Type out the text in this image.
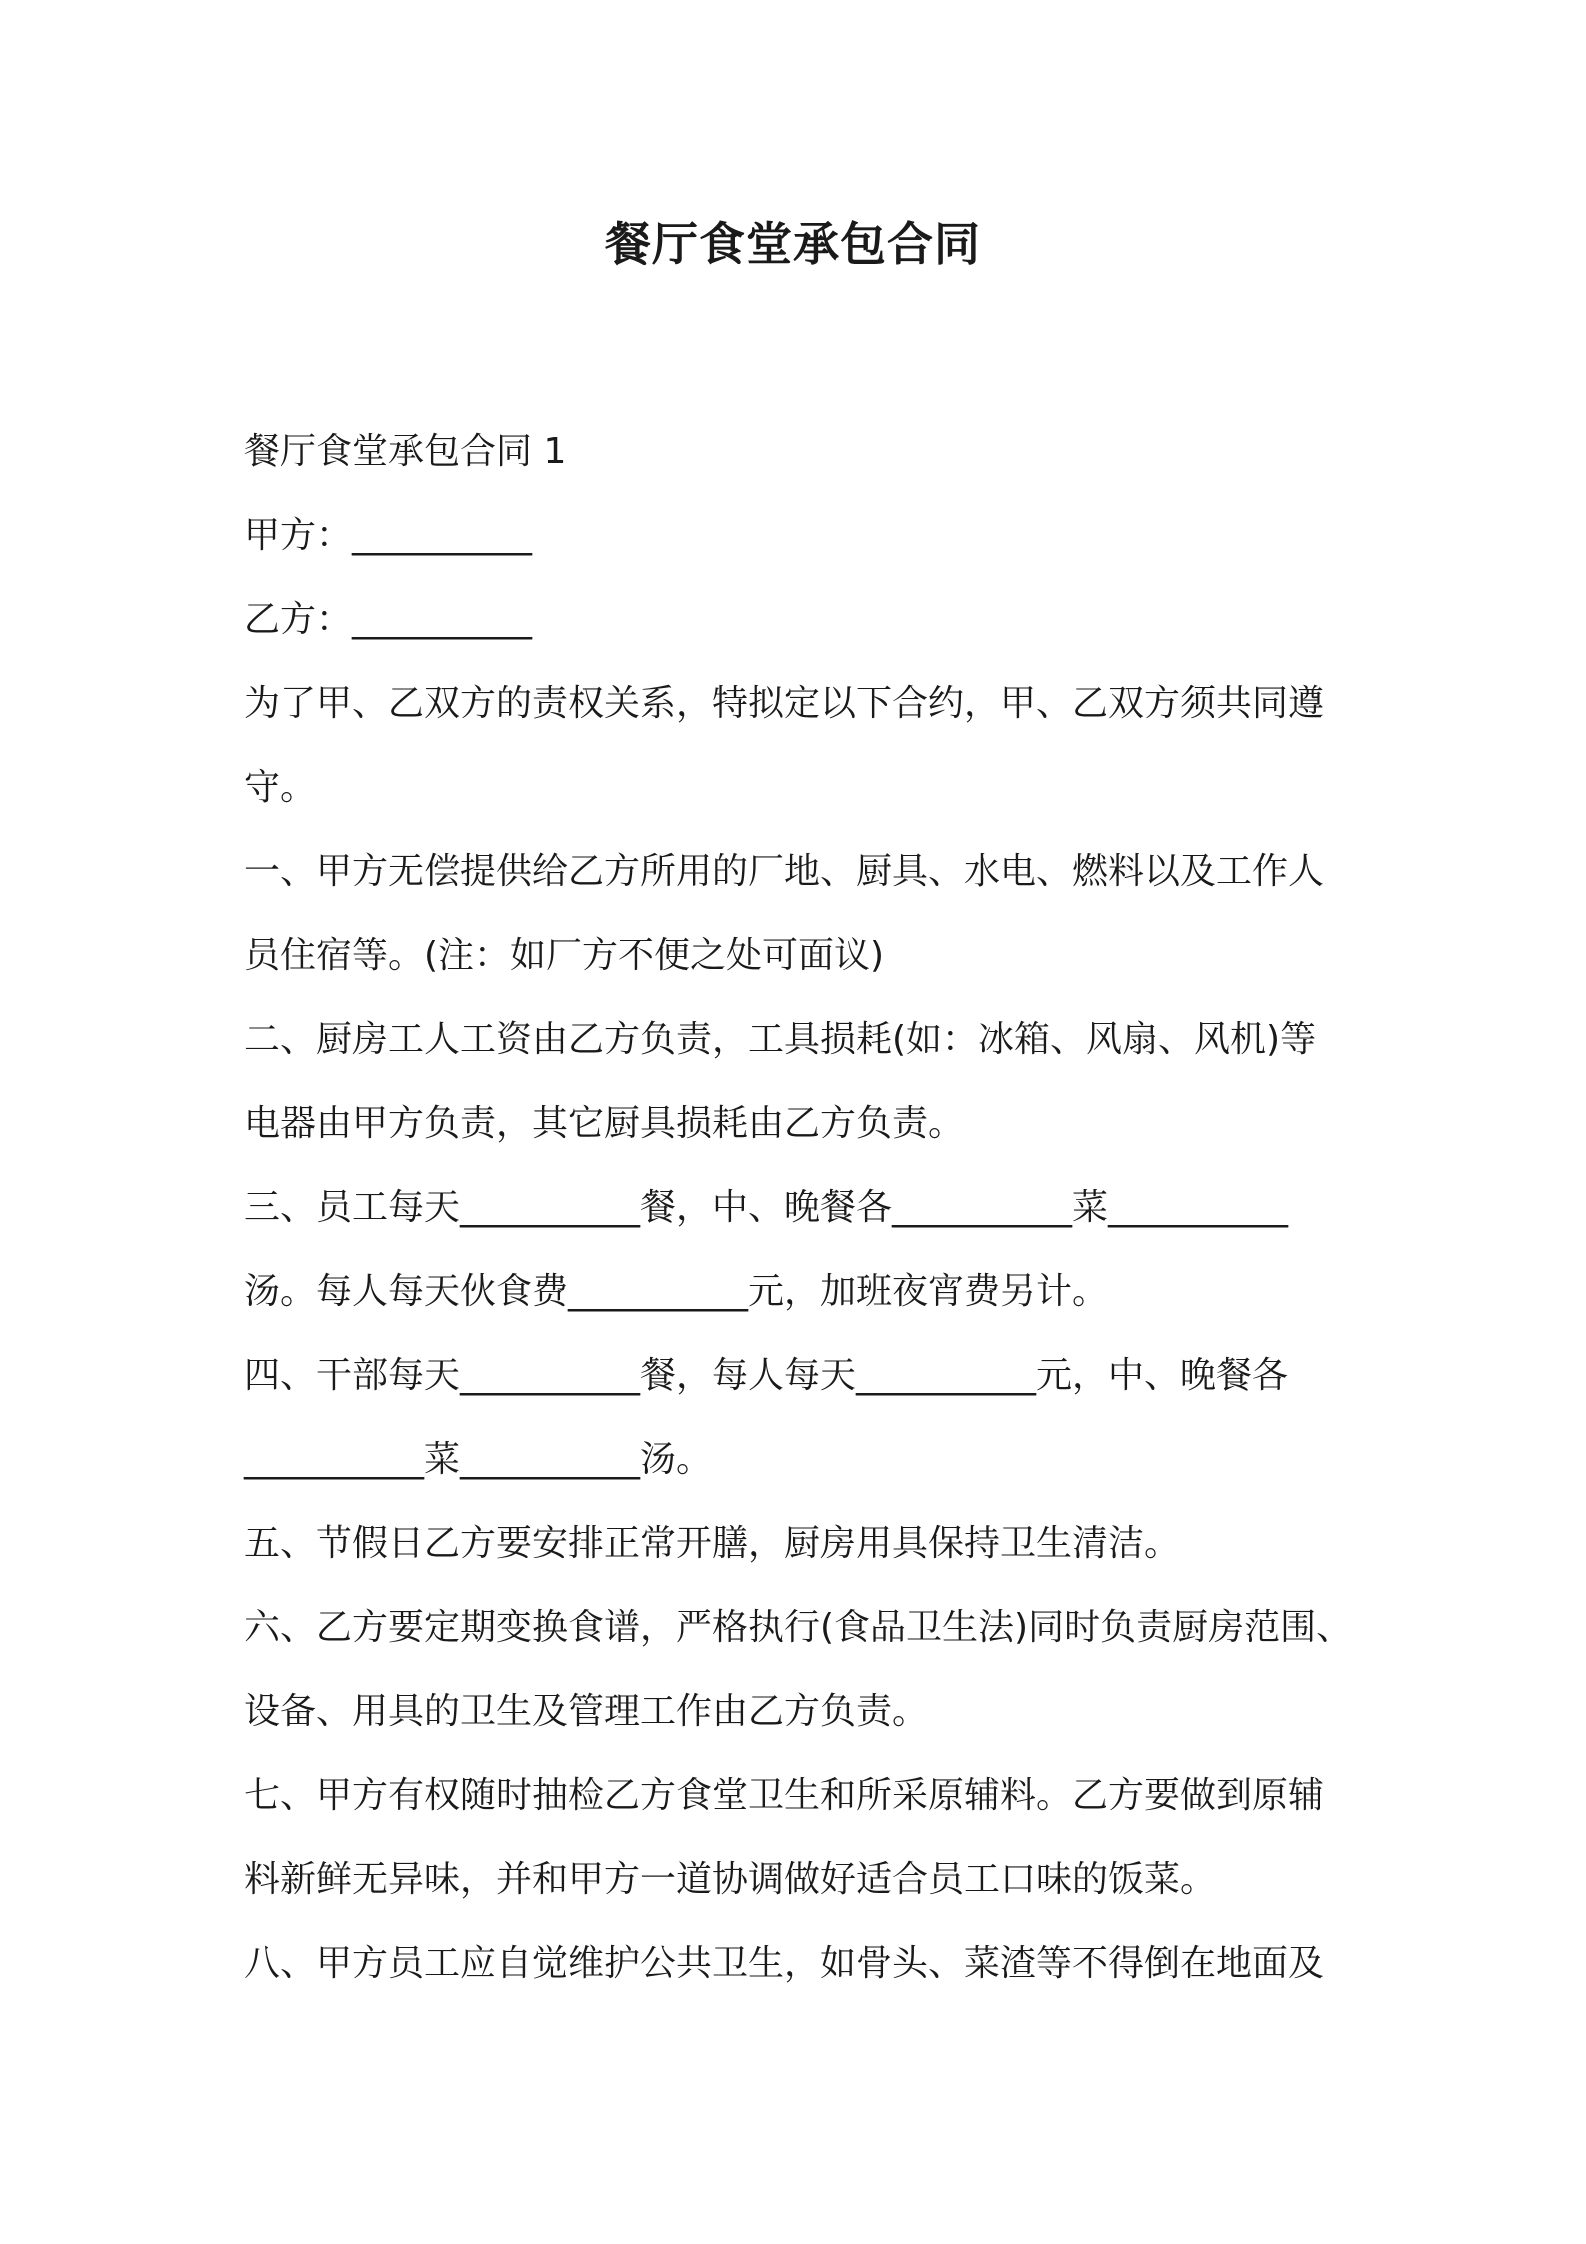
餐厅食堂承包合同
餐厅食堂承包合同 1
甲方：__________
乙方：__________
为了甲、乙双方的责权关系，特拟定以下合约，甲、乙双方须共同遵
守。
一、甲方无偿提供给乙方所用的厂地、厨具、水电、燃料以及工作人
员住宿等。(注：如厂方不便之处可面议)
二、厨房工人工资由乙方负责，工具损耗(如：冰箱、风扇、风机)等
电器由甲方负责，其它厨具损耗由乙方负责。
三、员工每天__________餐，中、晚餐各__________菜__________
汤。每人每天伙食费__________元，加班夜宵费另计。
四、干部每天__________餐，每人每天__________元，中、晚餐各
__________菜__________汤。
五、节假日乙方要安排正常开膳，厨房用具保持卫生清洁。
六、乙方要定期变换食谱，严格执行(食品卫生法)同时负责厨房范围、
设备、用具的卫生及管理工作由乙方负责。
七、甲方有权随时抽检乙方食堂卫生和所采原辅料。乙方要做到原辅
料新鲜无异味，并和甲方一道协调做好适合员工口味的饭菜。
八、甲方员工应自觉维护公共卫生，如骨头、菜渣等不得倒在地面及
